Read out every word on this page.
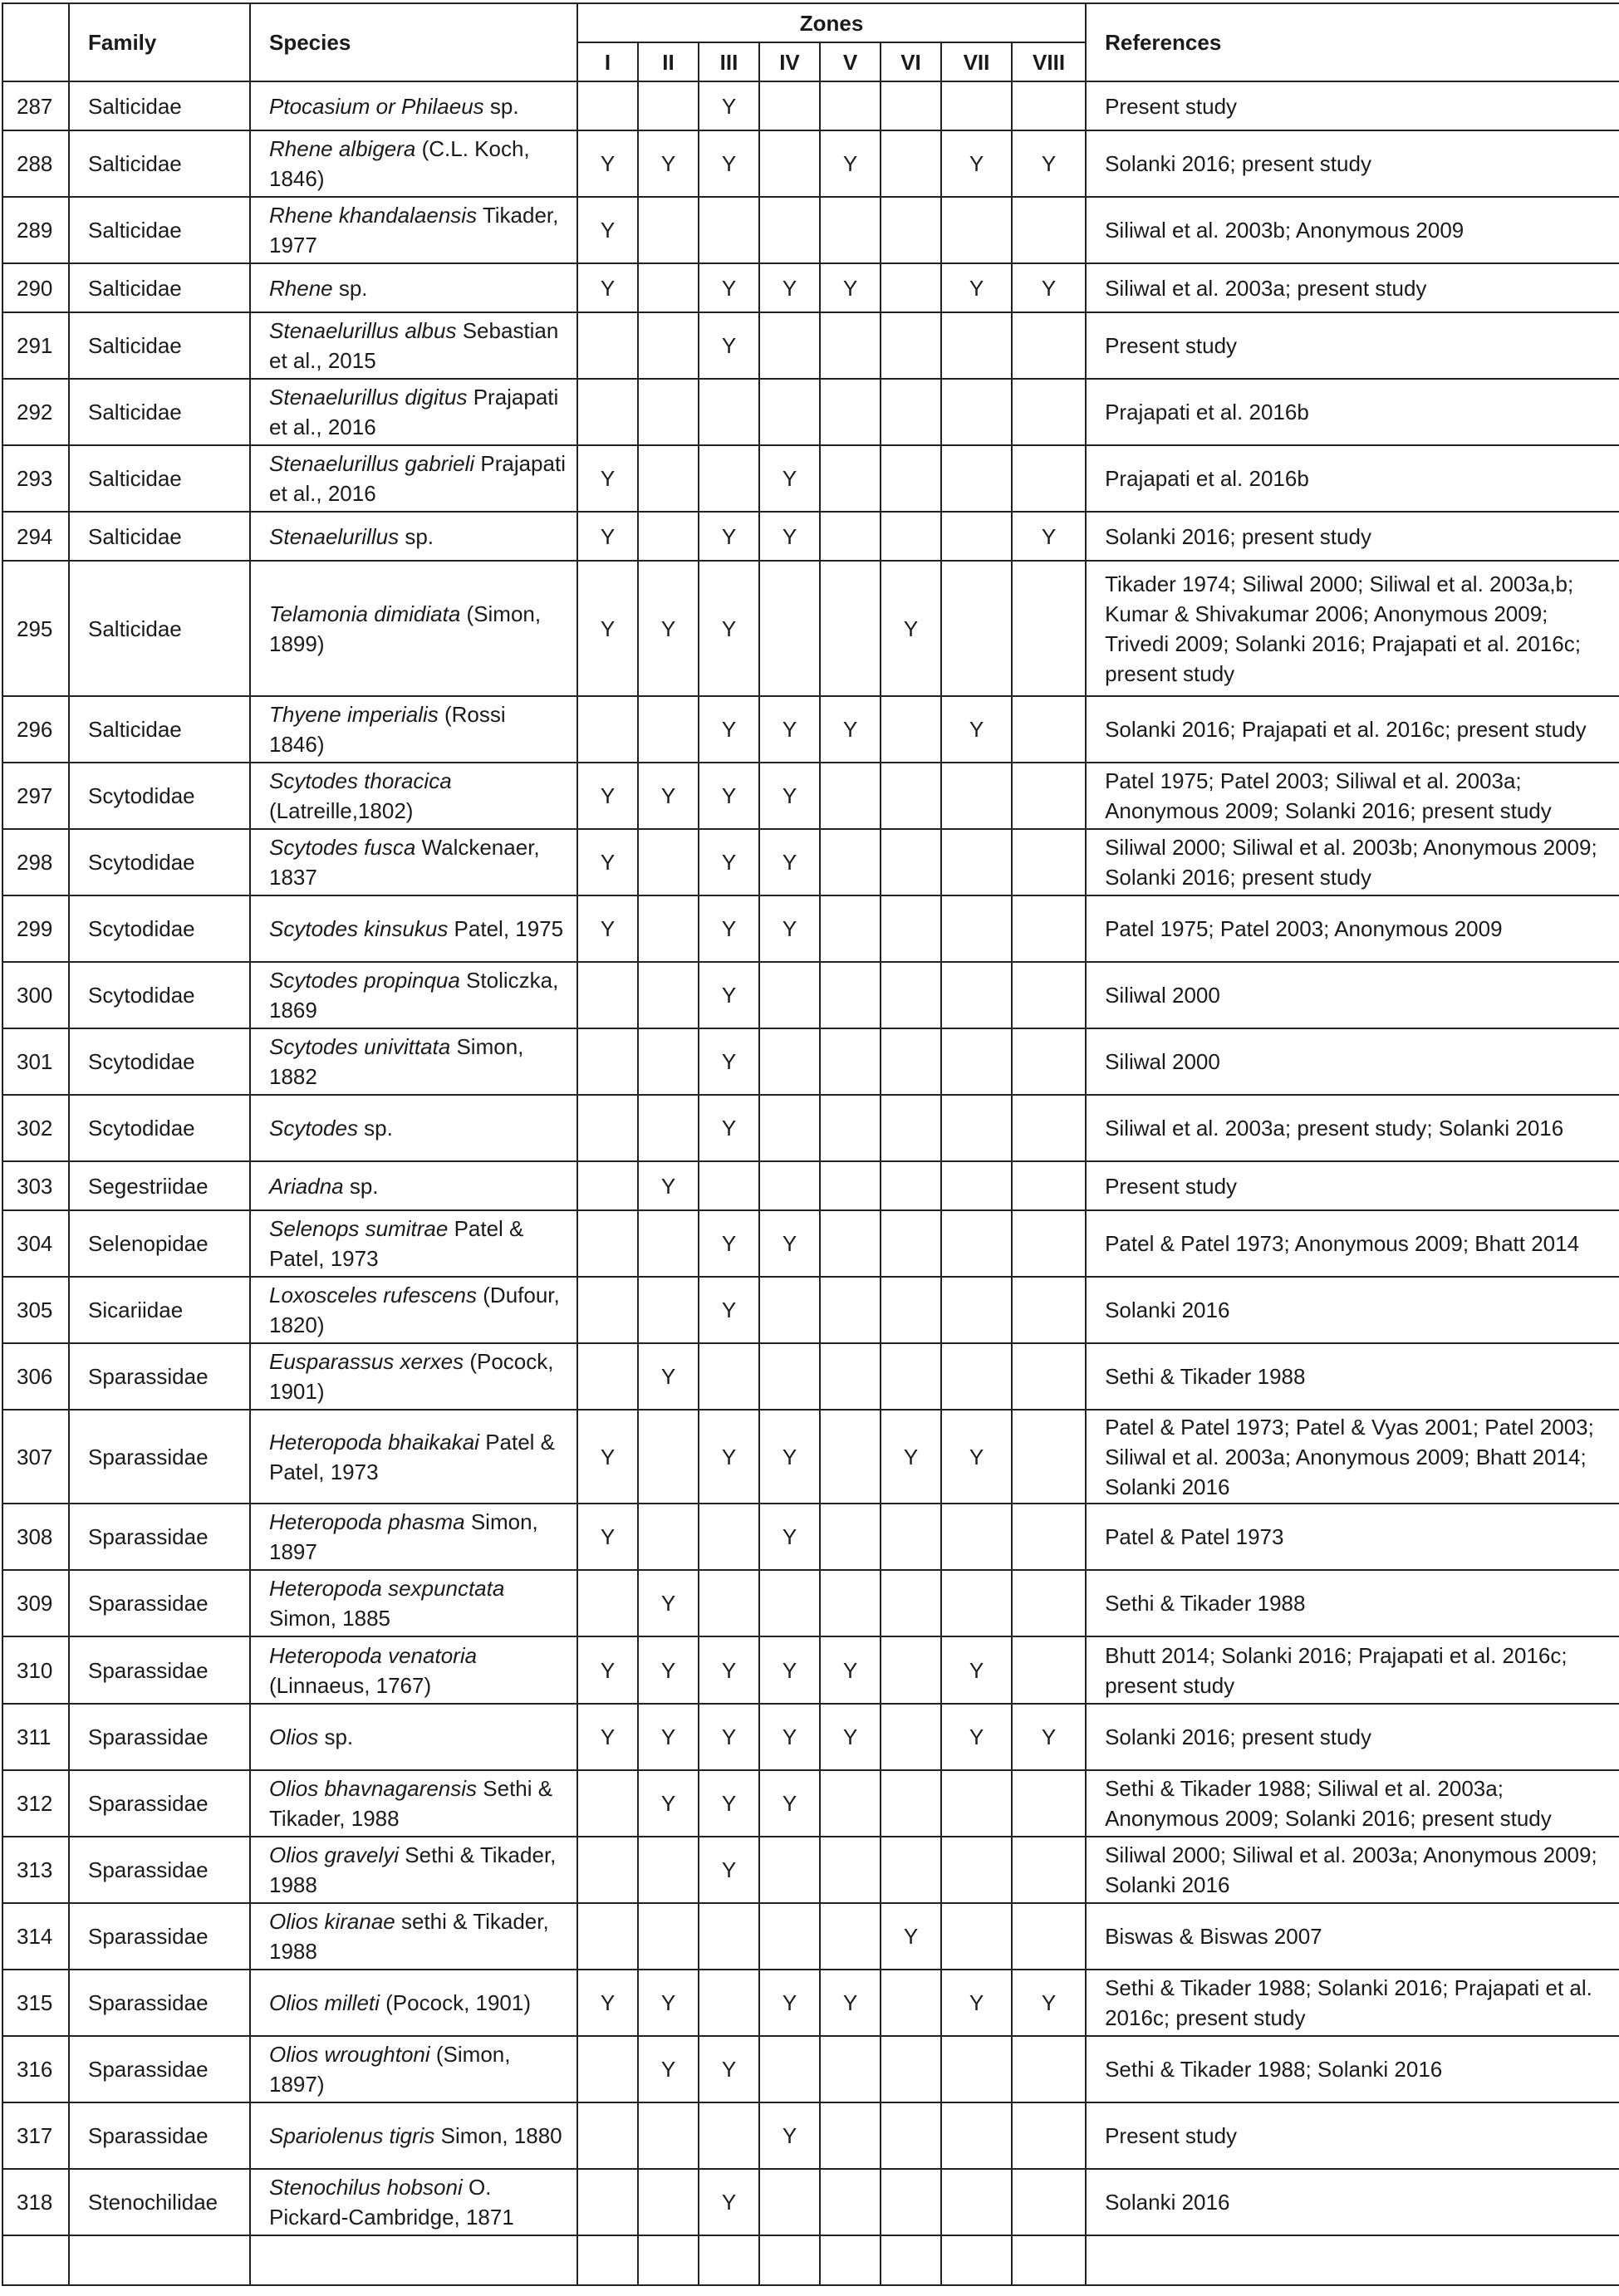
	Family	Species	Zones								References
			I	II	III	IV	V	VI	VII	VIII	
287	Salticidae	Ptocasium or Philaeus sp.			Y						Present study
288	Salticidae	Rhene albigera (C.L. Koch, 1846)	Y	Y	Y		Y		Y	Y	Solanki 2016; present study
289	Salticidae	Rhene khandalaensis Tikader, 1977	Y								Siliwal et al. 2003b; Anonymous 2009
290	Salticidae	Rhene sp.	Y		Y	Y	Y		Y	Y	Siliwal et al. 2003a; present study
291	Salticidae	Stenaelurillus albus Sebastian et al., 2015			Y						Present study
292	Salticidae	Stenaelurillus digitus Prajapati et al., 2016									Prajapati et al. 2016b
293	Salticidae	Stenaelurillus gabrieli Prajapati et al., 2016	Y			Y					Prajapati et al. 2016b
294	Salticidae	Stenaelurillus sp.	Y		Y	Y				Y	Solanki 2016; present study
295	Salticidae	Telamonia dimidiata (Simon, 1899)	Y	Y	Y			Y			Tikader 1974; Siliwal 2000; Siliwal et al. 2003a,b; Kumar & Shivakumar 2006; Anonymous 2009; Trivedi 2009; Solanki 2016; Prajapati et al. 2016c; present study
296	Salticidae	Thyene imperialis (Rossi 1846)			Y	Y	Y		Y		Solanki 2016; Prajapati et al. 2016c; present study
297	Scytodidae	Scytodes thoracica (Latreille,1802)	Y	Y	Y	Y					Patel 1975; Patel 2003; Siliwal et al. 2003a; Anonymous 2009; Solanki 2016; present study
298	Scytodidae	Scytodes fusca Walckenaer, 1837	Y		Y	Y					Siliwal 2000; Siliwal et al. 2003b; Anonymous 2009; Solanki 2016; present study
299	Scytodidae	Scytodes kinsukus Patel, 1975	Y		Y	Y					Patel 1975; Patel 2003; Anonymous 2009
300	Scytodidae	Scytodes propinqua Stoliczka, 1869			Y						Siliwal 2000
301	Scytodidae	Scytodes univittata Simon, 1882			Y						Siliwal 2000
302	Scytodidae	Scytodes sp.			Y						Siliwal et al. 2003a; present study; Solanki 2016
303	Segestriidae	Ariadna sp.		Y							Present study
304	Selenopidae	Selenops sumitrae Patel & Patel, 1973			Y	Y					Patel & Patel 1973; Anonymous 2009; Bhatt 2014
305	Sicariidae	Loxosceles rufescens (Dufour, 1820)			Y						Solanki 2016
306	Sparassidae	Eusparassus xerxes (Pocock, 1901)		Y							Sethi & Tikader 1988
307	Sparassidae	Heteropoda bhaikakai Patel & Patel, 1973	Y		Y	Y		Y	Y		Patel & Patel 1973; Patel & Vyas 2001; Patel 2003; Siliwal et al. 2003a; Anonymous 2009; Bhatt 2014; Solanki 2016
308	Sparassidae	Heteropoda phasma Simon, 1897	Y			Y					Patel & Patel 1973
309	Sparassidae	Heteropoda sexpunctata Simon, 1885		Y							Sethi & Tikader 1988
310	Sparassidae	Heteropoda venatoria (Linnaeus, 1767)	Y	Y	Y	Y	Y		Y		Bhutt 2014; Solanki 2016; Prajapati et al. 2016c; present study
311	Sparassidae	Olios sp.	Y	Y	Y	Y	Y		Y	Y	Solanki 2016; present study
312	Sparassidae	Olios bhavnagarensis Sethi & Tikader, 1988		Y	Y	Y					Sethi & Tikader 1988; Siliwal et al. 2003a; Anonymous 2009; Solanki 2016; present study
313	Sparassidae	Olios gravelyi Sethi & Tikader, 1988			Y						Siliwal 2000; Siliwal et al. 2003a; Anonymous 2009; Solanki 2016
314	Sparassidae	Olios kiranae sethi & Tikader, 1988						Y			Biswas & Biswas 2007
315	Sparassidae	Olios milleti (Pocock, 1901)	Y	Y		Y	Y		Y	Y	Sethi & Tikader 1988; Solanki 2016; Prajapati et al. 2016c; present study
316	Sparassidae	Olios wroughtoni (Simon, 1897)		Y	Y						Sethi & Tikader 1988; Solanki 2016
317	Sparassidae	Spariolenus tigris Simon, 1880				Y					Present study
318	Stenochilidae	Stenochilus hobsoni O. Pickard-Cambridge, 1871			Y						Solanki 2016
